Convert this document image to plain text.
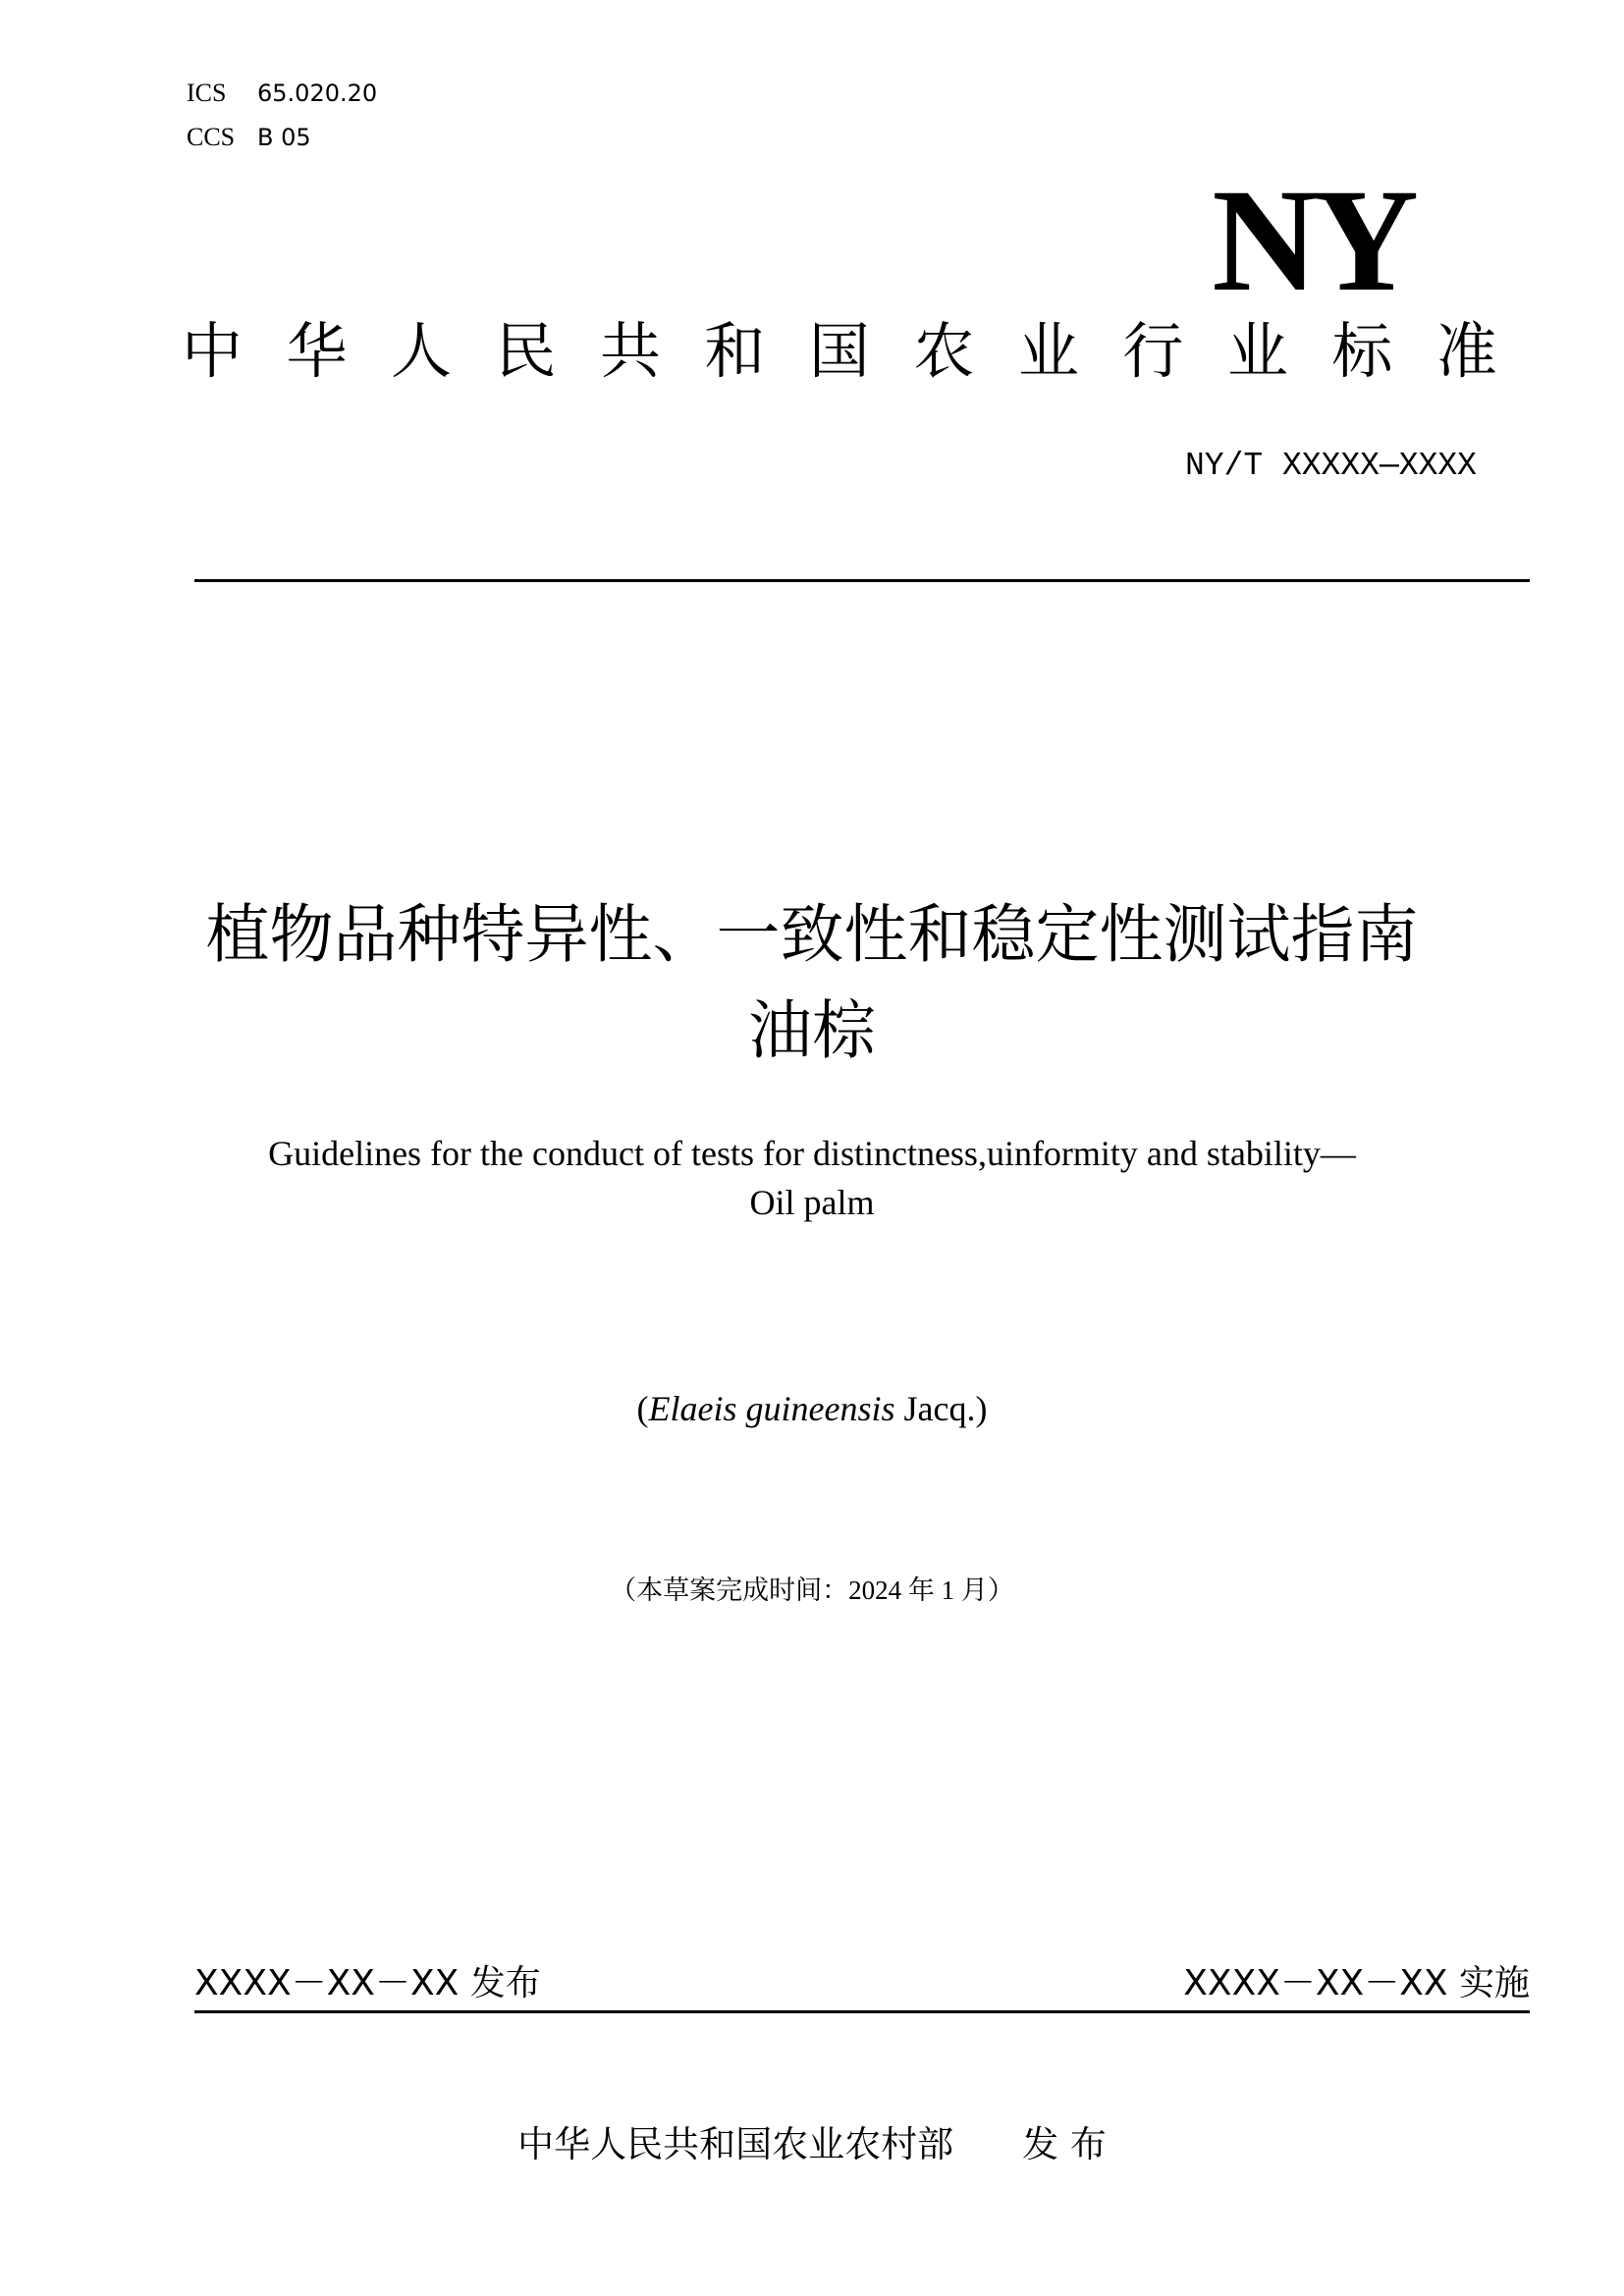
ICS 65.020.20
CCS B 05
NY
中 华 人 民 共 和 国 农 业 行 业 标 准
NY/T XXXXX—XXXX
植物品种特异性、一致性和稳定性测试指南
油棕
Guidelines for the conduct of tests for distinctness,uinformity and stability—
Oil palm
(Elaeis guineensis Jacq.)
（本草案完成时间：2024 年 1 月）
XXXX－XX－XX 发布	XXXX－XX－XX 实施
中华人民共和国农业农村部 发 布
